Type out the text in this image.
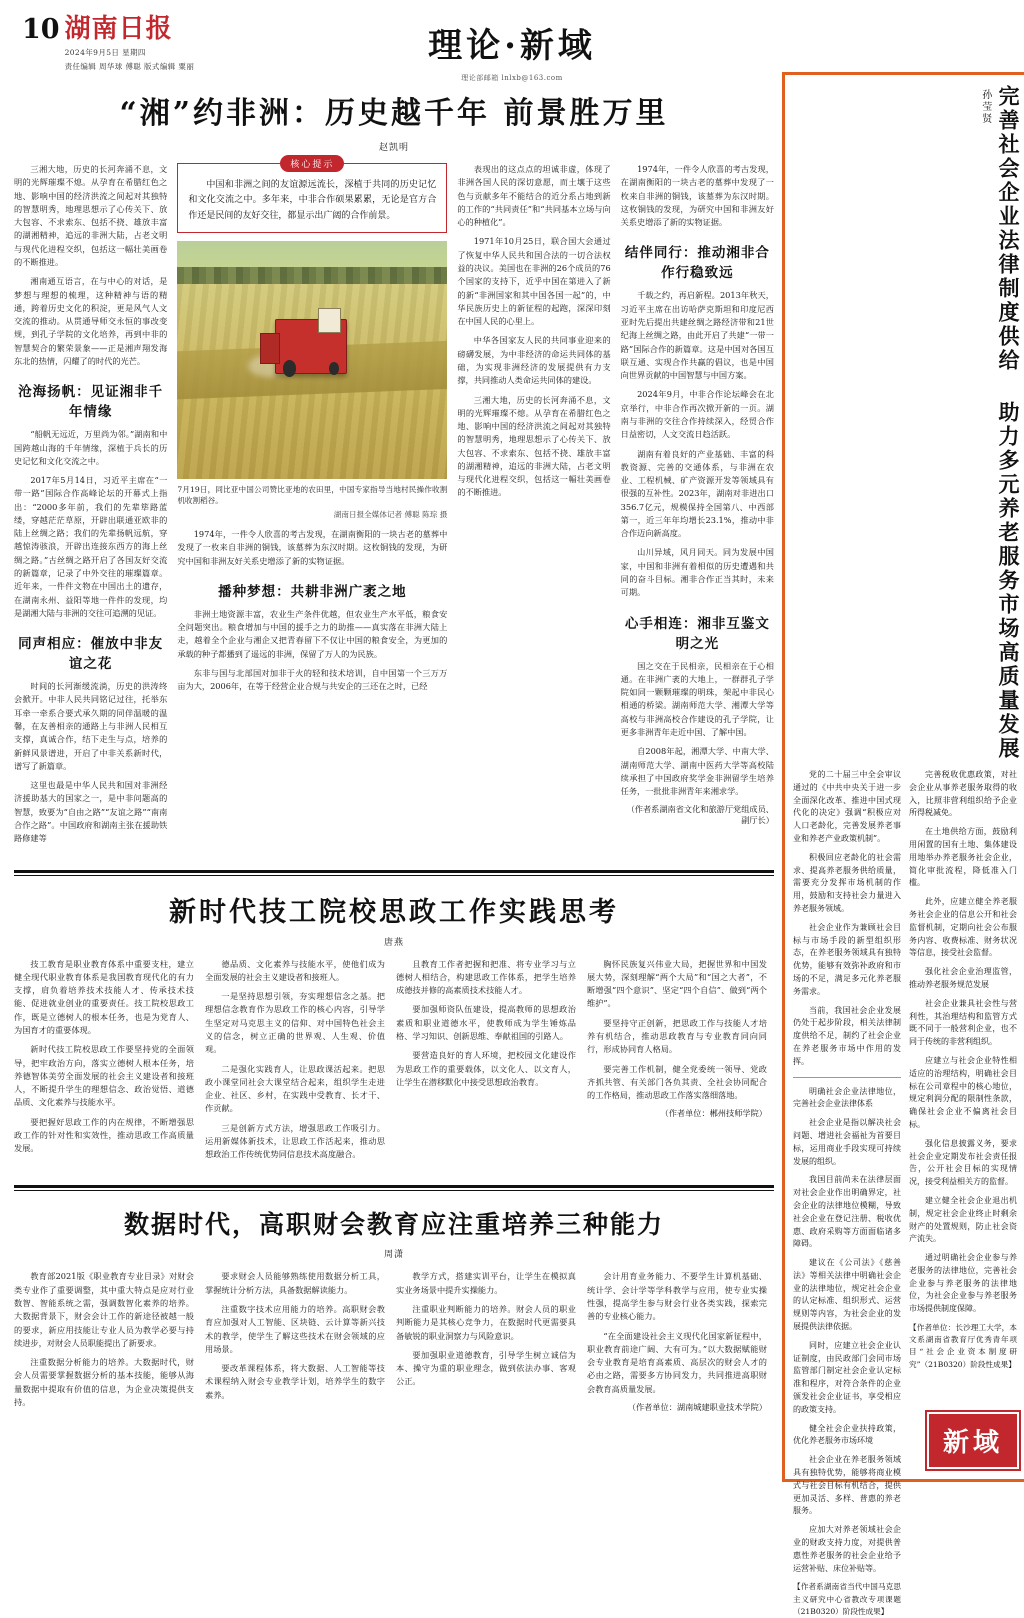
10 湖南日报
2024年9月5日 星期四
责任编辑 周华球 傅聪 版式编辑 粟丽
理论·新域
理论部邮箱 lnlxb@163.com
“湘”约非洲：历史越千年 前景胜万里
赵凯明

三湘大地，历史的长河奔涌不息，文明的光辉璀璨不熄。从孕育在希腊红色之地、影响中国的经济洪流之间起对其独特的智慧明秀，地理思想示了心传关下、放大包容、不求索东、包括不挠、雄放丰富的湖湘精神，追远的非洲大陆，占老文明与现代化进程交织，包括这一幅壮美画卷的不断推进。

湘南通互语言，在与中心的对话，是梦想与理想的梳理，这种精神与语的精通，跨着历史文化的积淀，更是风气人文交流的推动。从贯通导师交永恒的事改变规，到孔子学院的文化培养，再到中非的智慧契合的繁荣景象——正是湘声翔发海东北的热情，闪耀了的时代的光芒。

沧海扬帆：见证湘非千年情缘

“船帆无远近，万里尚为邻。”湖南和中国跨越山海的千年情缘，深植于兵长的历史记忆和文化交流之中。

2017年5月14日，习近平主席在“一带一路”国际合作高峰论坛的开幕式上指出：“2000多年前，我们的先辈筚路蓝缕，穿越茫茫草原，开辟出联通亚欧非的陆上丝绸之路；我们的先辈扬帆远航，穿越惊涛骇浪，开辟出连接东西方的海上丝绸之路。”古丝绸之路开启了各国友好交流的新篇章，记录了中外交往的璀璨篇章。近年来，一件件文物在中国出土的遗存，在湖南永州、益阳等地一件件的发现，均是湖湘大陆与非洲的交往可追溯的见证。

同声相应：催放中非友谊之花

时间的长河渐缓流淌，历史的洪涛终会掀开。中非人民共同铭记过往，托举东耳牵一牵系合要式承久期的同伴温暖的温馨，在友善相亲的通路上与非洲人民相互支撑，真诚合作，结下走生与点，培养的新鲜风景谱进，开启了中非关系新时代，谱写了新篇章。

这里也最是中华人民共和国对非洲经济援助基大的国家之一，是中非问题高的智慧，致要为“自由之路”“友谊之路”“南南合作之路”。中国政府和湖南主张在援助铁路修建等

核心提示

中国和非洲之间的友谊源远流长，深植于共同的历史记忆和文化交流之中。多年来，中非合作硕果累累，无论是官方合作还是民间的友好交往，都显示出广阔的合作前景。

7月19日，同比亚中国公司赞比亚地的农田里，中国专家指导当地村民操作收割机收割稻谷。
湖南日报全媒体记者 傅聪 陈琮 摄

1974年，一件令人欣喜的考古发现，在湖南衡阳的一块古老的墓葬中发现了一枚来自非洲的铜钱，该墓葬为东汉时期。这枚铜钱的发现，为研究中国和非洲友好关系史增添了新的实物证据。

播种梦想：共耕非洲广袤之地

非洲土地资源丰富，农业生产条件优越，但农业生产水平低，粮食安全问题突出。粮食增加与中国的援手之力的助推——真实落在非洲大陆上走，越着全个企业与湘企又把青春留下不仅让中国的粮食安全，为更加的承载的种子都播到了遥远的非洲，保留了万人的为民族。

东非与国与北部国对加非于火的轻和技术培训，自中国第一个三万万亩为大，2006年，在等于经营企业合规与共安企的三还在之时，已经

表现出的这点点的坦诚非虚，体现了非洲各国人民的深切意愿，而土壤于这些色与贡献多年不能结合的近分系占地到新的工作的“共同责任”和“共同基本立场与向心的种植化”。

1971年10月25日，联合国大会通过了恢复中华人民共和国合法的一切合法权益的决议。美国也在非洲的26个成员的76个国家的支持下，近乎中国在第进入了新的新“非洲国家和其中国各国一起”的，中华民族历史上的新征程的起跑，深深印刻在中国人民的心里上。

中华各国家友人民的共同事业迎来的磅礴发展，为中非经济的命运共同体的基础，为实现非洲经济的发展提供有力支撑，共同推动人类命运共同体的建设。

三湘大地，历史的长河奔涌不息，文明的光辉璀璨不熄。从孕育在希腊红色之地、影响中国的经济洪流之间起对其独特的智慧明秀，地理思想示了心传关下、放大包容、不求索东、包括不挠、雄放丰富的湖湘精神，追远的非洲大陆，占老文明与现代化进程交织，包括这一幅壮美画卷的不断推进。

1974年，一件令人欣喜的考古发现，在湖南衡阳的一块古老的墓葬中发现了一枚来自非洲的铜钱，该墓葬为东汉时期。这枚铜钱的发现，为研究中国和非洲友好关系史增添了新的实物证据。

结伴同行：推动湘非合作行稳致远

千载之约，再启新程。2013年秋天，习近平主席在出访哈萨克斯坦和印度尼西亚时先后提出共建丝绸之路经济带和21世纪海上丝绸之路，由此开启了共建“一带一路”国际合作的新篇章。这是中国对各国互联互通、实现合作共赢的倡议，也是中国向世界贡献的中国智慧与中国方案。

2024年9月，中非合作论坛峰会在北京举行，中非合作再次掀开新的一页。湖南与非洲的交往合作持续深入，经贸合作日益密切，人文交流日趋活跃。

湖南有着良好的产业基础、丰富的科教资源、完善的交通体系，与非洲在农业、工程机械、矿产资源开发等领域具有很强的互补性。2023年，湖南对非进出口356.7亿元，规模保持全国第八、中西部第一，近三年年均增长23.1%，推动中非合作迈向新高度。

山川异域，风月同天。同为发展中国家，中国和非洲有着相似的历史遭遇和共同的奋斗目标。湘非合作正当其时，未来可期。

心手相连：湘非互鉴文明之光

国之交在于民相亲，民相亲在于心相通。在非洲广袤的大地上，一群群孔子学院如同一颗颗璀璨的明珠，架起中非民心相通的桥梁。湖南师范大学、湘潭大学等高校与非洲高校合作建设的孔子学院，让更多非洲青年走近中国、了解中国。

自2008年起，湘潭大学、中南大学、湖南师范大学、湖南中医药大学等高校陆续承担了中国政府奖学金非洲留学生培养任务，一批批非洲青年来湘求学。

（作者系湖南省文化和旅游厅党组成员、副厅长）
新时代技工院校思政工作实践思考
唐燕

技工教育是职业教育体系中重要支柱，建立健全现代职业教育体系是我国教育现代化的有力支撑，肩负着培养技术技能人才、传承技术技能、促进就业创业的重要责任。技工院校思政工作，既是立德树人的根本任务，也是为党育人、为国育才的重要体现。

新时代技工院校思政工作要坚持党的全面领导，把牢政治方向，落实立德树人根本任务，培养德智体美劳全面发展的社会主义建设者和接班人，不断提升学生的理想信念、政治觉悟、道德品质、文化素养与技能水平。

要把握好思政工作的内在规律，不断增强思政工作的针对性和实效性，推动思政工作高质量发展。

德品质、文化素养与技能水平，使他们成为全面发展的社会主义建设者和接班人。

一是坚持思想引领，夯实理想信念之基。把理想信念教育作为思政工作的核心内容，引导学生坚定对马克思主义的信仰、对中国特色社会主义的信念，树立正确的世界观、人生观、价值观。

二是强化实践育人，让思政课活起来。把思政小课堂同社会大课堂结合起来，组织学生走进企业、社区、乡村，在实践中受教育、长才干、作贡献。

三是创新方式方法，增强思政工作吸引力。运用新媒体新技术，让思政工作活起来，推动思想政治工作传统优势同信息技术高度融合。

且教育工作者把握和把准、将专业学习与立德树人相结合，构建思政工作体系，把学生培养成德技并修的高素质技术技能人才。

要加强师资队伍建设，提高教师的思想政治素质和职业道德水平，使教师成为学生锤炼品格、学习知识、创新思维、奉献祖国的引路人。

要营造良好的育人环境，把校园文化建设作为思政工作的重要载体，以文化人、以文育人，让学生在潜移默化中接受思想政治教育。

胸怀民族复兴伟业大局，把握世界和中国发展大势，深刻理解“两个大局”和“国之大者”，不断增强“四个意识”、坚定“四个自信”、做到“两个维护”。

要坚持守正创新，把思政工作与技能人才培养有机结合，推动思政教育与专业教育同向同行，形成协同育人格局。

要完善工作机制，健全党委统一领导、党政齐抓共管、有关部门各负其责、全社会协同配合的工作格局，推动思政工作落实落细落地。

（作者单位：郴州技师学院）
数据时代，高职财会教育应注重培养三种能力
周潇

教育部2021版《职业教育专业目录》对财会类专业作了重要调整，其中重大特点是应对行业数智、智能系统之需，强调数智化素养的培养。大数据背景下，财会会计工作的新途径被越一般的要求，新应用技能让专业人员为教学必要与持续进步，对财会人员职能提出了新要求。

注重数据分析能力的培养。大数据时代，财会人员需要掌握数据分析的基本技能，能够从海量数据中提取有价值的信息，为企业决策提供支持。

要求财会人员能够熟练使用数据分析工具，掌握统计分析方法，具备数据解读能力。

注重数字技术应用能力的培养。高职财会教育应加强对人工智能、区块链、云计算等新兴技术的教学，使学生了解这些技术在财会领域的应用场景。

要改革课程体系，将大数据、人工智能等技术课程纳入财会专业教学计划，培养学生的数字素养。

教学方式，搭建实训平台，让学生在模拟真实业务场景中提升实操能力。

注重职业判断能力的培养。财会人员的职业判断能力是其核心竞争力，在数据时代更需要具备敏锐的职业洞察力与风险意识。

要加强职业道德教育，引导学生树立诚信为本、操守为重的职业理念，做到依法办事、客观公正。

会计用育业务能力、不要学生计算机基础、统计学、会计学等学科教学与应用，使专业实操性强，提高学生参与财会行业各类实践，探索完善的专业核心能力。

“在全面建设社会主义现代化国家新征程中，职业教育前途广阔、大有可为。”以大数据赋能财会专业教育是培育高素质、高层次的财会人才的必由之路，需要多方协同发力，共同推进高职财会教育高质量发展。

（作者单位：湖南城建职业技术学院）
孙莹贤 完善社会企业法律制度供给 助力多元养老服务市场高质量发展

党的二十届三中全会审议通过的《中共中央关于进一步全面深化改革、推进中国式现代化的决定》强调“积极应对人口老龄化，完善发展养老事业和养老产业政策机制”。

积极回应老龄化的社会需求、提高养老服务供给质量，需要充分发挥市场机制的作用，鼓励和支持社会力量进入养老服务领域。

社会企业作为兼顾社会目标与市场手段的新型组织形态，在养老服务领域具有独特优势，能够有效弥补政府和市场的不足，满足多元化养老服务需求。

当前，我国社会企业发展仍处于起步阶段，相关法律制度供给不足，制约了社会企业在养老服务市场中作用的发挥。

明确社会企业法律地位，完善社会企业法律体系

社会企业是指以解决社会问题、增进社会福祉为首要目标，运用商业手段实现可持续发展的组织。

我国目前尚未在法律层面对社会企业作出明确界定，社会企业的法律地位模糊，导致社会企业在登记注册、税收优惠、政府采购等方面面临诸多障碍。

建议在《公司法》《慈善法》等相关法律中明确社会企业的法律地位，规定社会企业的认定标准、组织形式、运营规则等内容，为社会企业的发展提供法律依据。

同时，应建立社会企业认证制度，由民政部门会同市场监管部门制定社会企业认定标准和程序，对符合条件的企业颁发社会企业证书，享受相应的政策支持。

健全社会企业扶持政策，优化养老服务市场环境

社会企业在养老服务领域具有独特优势，能够将商业模式与社会目标有机结合，提供更加灵活、多样、普惠的养老服务。

应加大对养老领域社会企业的财政支持力度，对提供普惠性养老服务的社会企业给予运营补贴、床位补贴等。

【作者系湖南省当代中国马克思主义研究中心省教改专项课题（21B0320）阶段性成果】

完善税收优惠政策，对社会企业从事养老服务取得的收入，比照非营利组织给予企业所得税减免。

在土地供给方面，鼓励利用闲置的国有土地、集体建设用地举办养老服务社会企业，简化审批流程，降低准入门槛。

此外，应建立健全养老服务社会企业的信息公开和社会监督机制，定期向社会公布服务内容、收费标准、财务状况等信息，接受社会监督。

强化社会企业治理监管，推动养老服务规范发展

社会企业兼具社会性与营利性，其治理结构和监管方式既不同于一般营利企业，也不同于传统的非营利组织。

应建立与社会企业特性相适应的治理结构，明确社会目标在公司章程中的核心地位，规定利润分配的限制性条款，确保社会企业不偏离社会目标。

强化信息披露义务，要求社会企业定期发布社会责任报告，公开社会目标的实现情况，接受利益相关方的监督。

建立健全社会企业退出机制，规定社会企业终止时剩余财产的处置规则，防止社会资产流失。

通过明确社会企业参与养老服务的法律地位，完善社会企业参与养老服务的法律地位，为社会企业参与养老服务市场提供制度保障。

【作者单位：长沙理工大学，本文系湖南省教育厅优秀青年项目“社会企业资本制度研究”（21B0320）阶段性成果】
新域
